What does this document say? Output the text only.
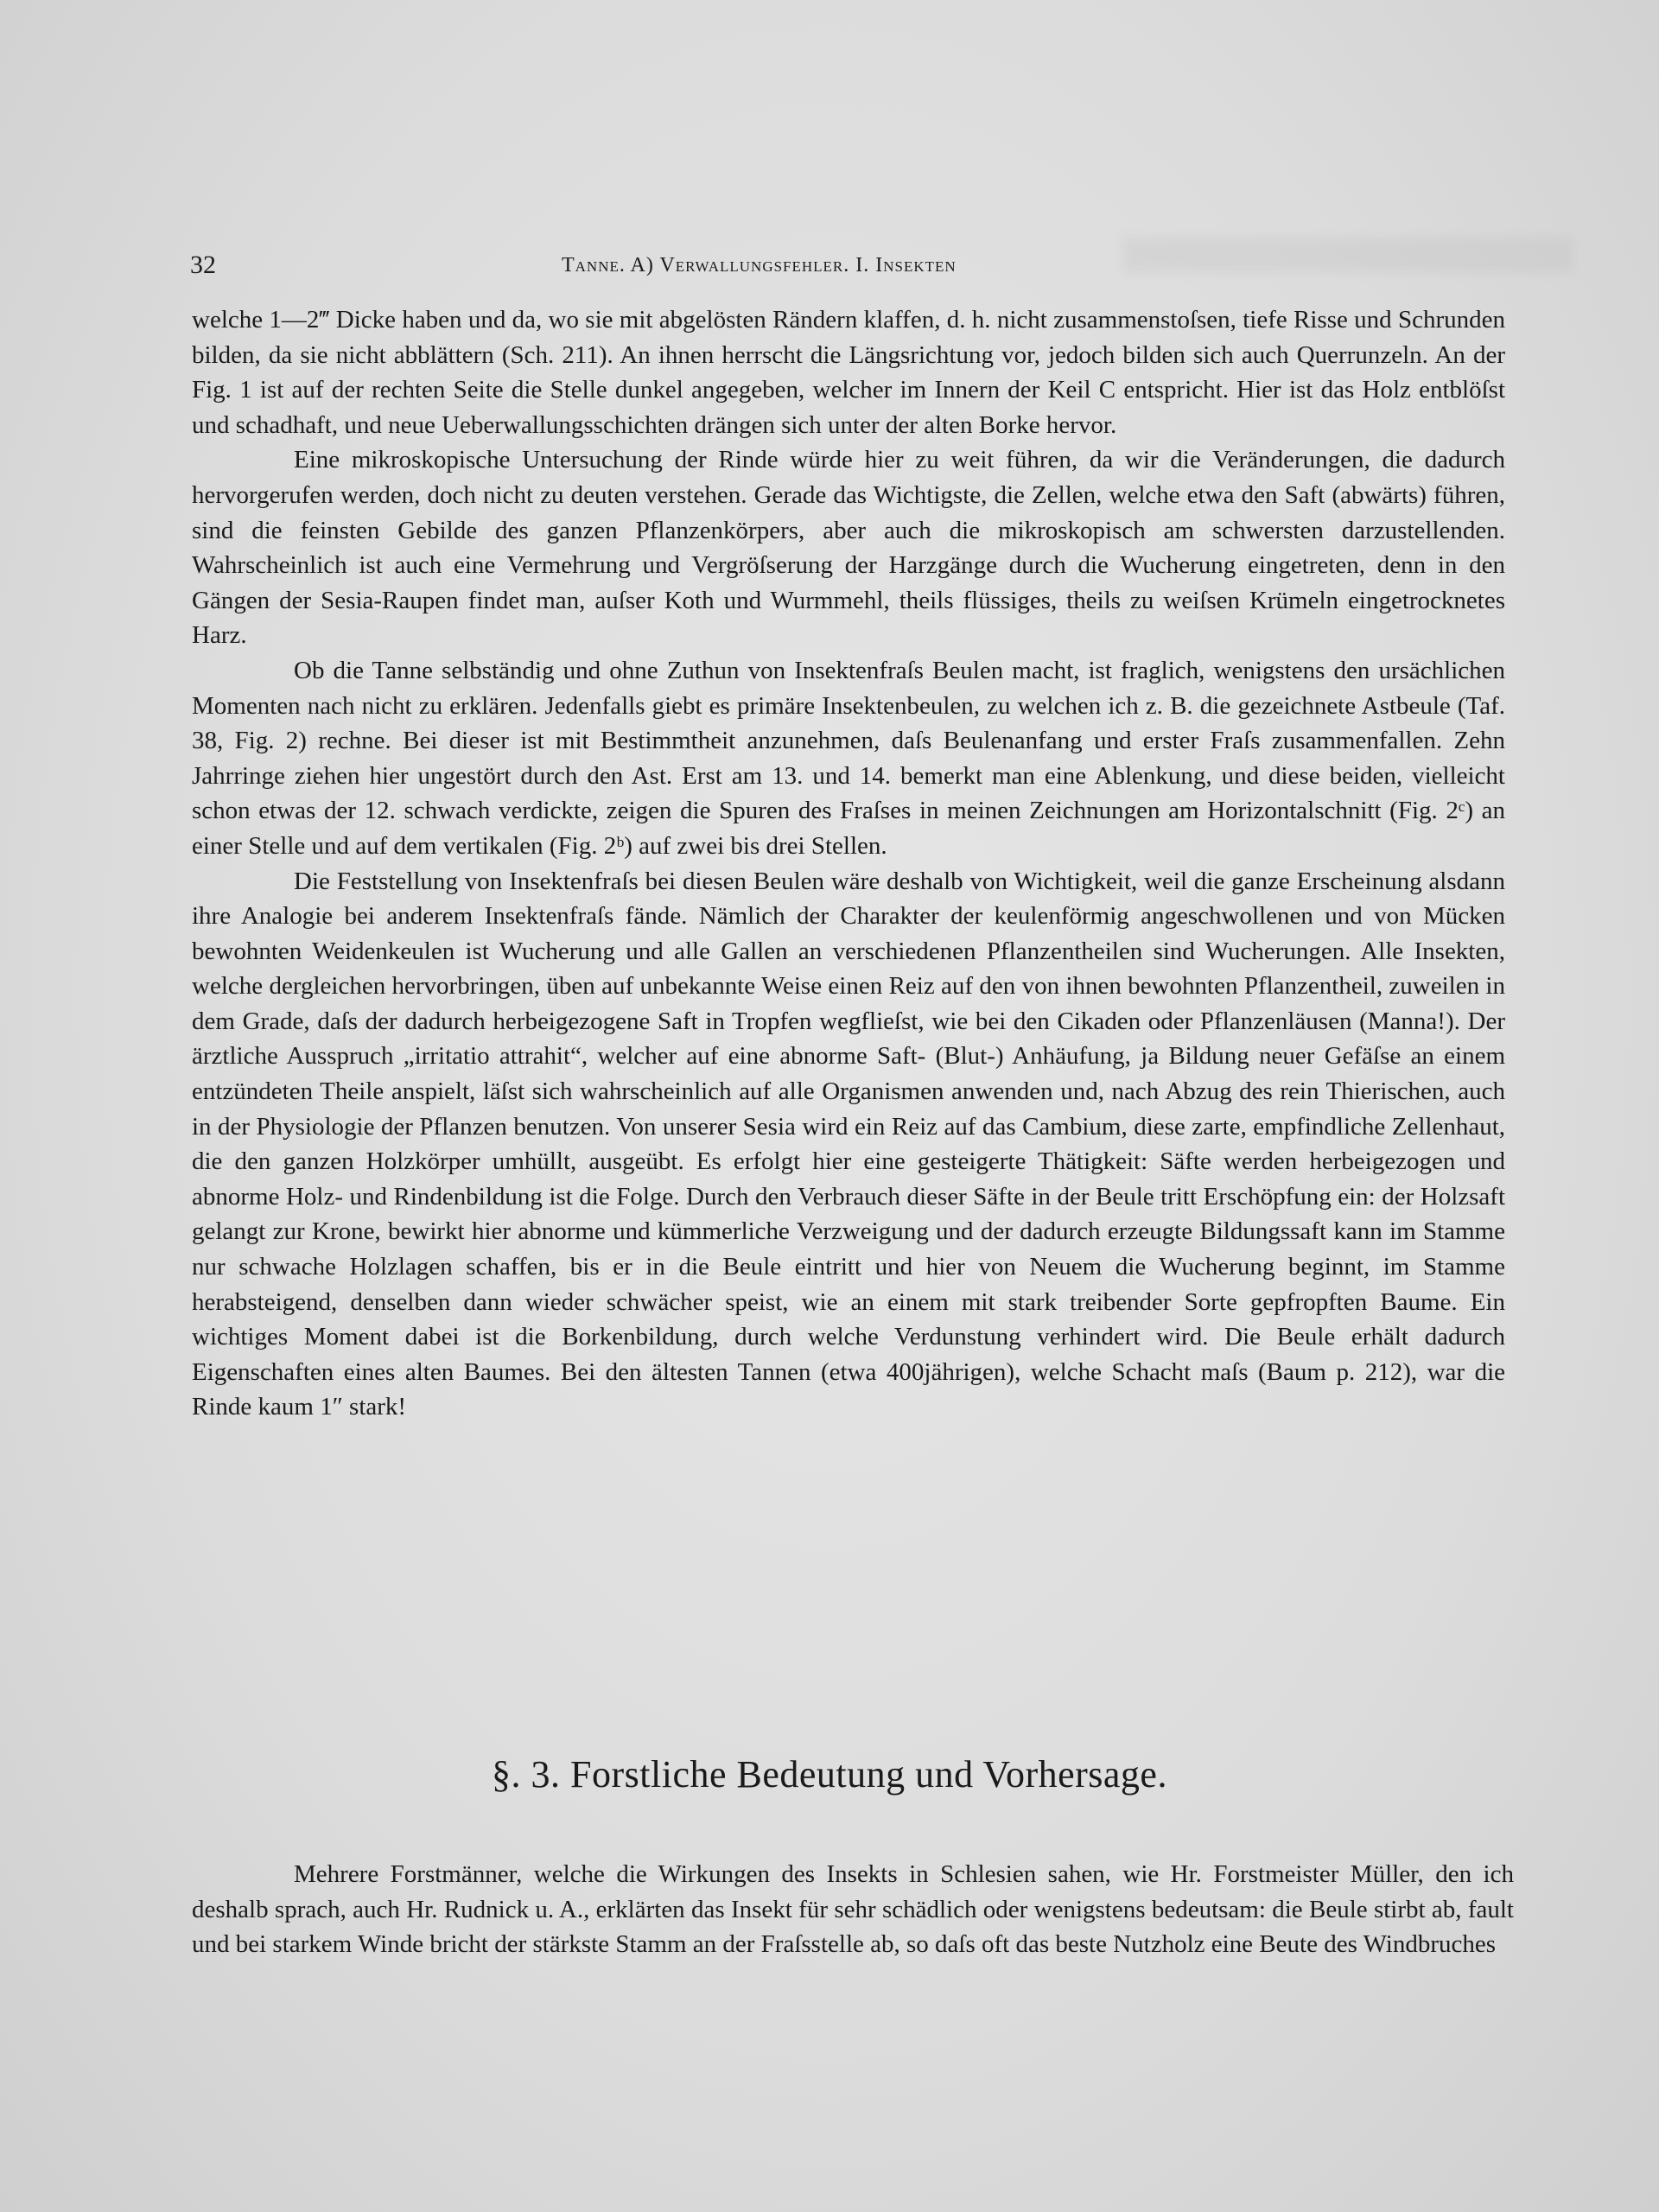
32	Tanne. A) Verwallungsfehler. I. Insekten

welche 1—2‴ Dicke haben und da, wo sie mit abgelösten Rändern klaffen, d. h. nicht zusammenstoſsen, tiefe Risse und Schrunden bilden, da sie nicht abblättern (Sch. 211). An ihnen herrscht die Längsrichtung vor, jedoch bilden sich auch Querrunzeln. An der Fig. 1 ist auf der rechten Seite die Stelle dunkel angegeben, welcher im Innern der Keil C entspricht. Hier ist das Holz entblöſst und schadhaft, und neue Ueberwallungsschichten drängen sich unter der alten Borke hervor.

Eine mikroskopische Untersuchung der Rinde würde hier zu weit führen, da wir die Veränderungen, die dadurch hervorgerufen werden, doch nicht zu deuten verstehen. Gerade das Wichtigste, die Zellen, welche etwa den Saft (abwärts) führen, sind die feinsten Gebilde des ganzen Pflanzenkörpers, aber auch die mikroskopisch am schwersten darzustellenden. Wahrscheinlich ist auch eine Vermehrung und Vergröſserung der Harzgänge durch die Wucherung eingetreten, denn in den Gängen der Sesia-Raupen findet man, auſser Koth und Wurmmehl, theils flüssiges, theils zu weiſsen Krümeln eingetrocknetes Harz.

Ob die Tanne selbständig und ohne Zuthun von Insektenfraſs Beulen macht, ist fraglich, wenigstens den ursächlichen Momenten nach nicht zu erklären. Jedenfalls giebt es primäre Insektenbeulen, zu welchen ich z. B. die gezeichnete Astbeule (Taf. 38, Fig. 2) rechne. Bei dieser ist mit Bestimmtheit anzunehmen, daſs Beulenanfang und erster Fraſs zusammenfallen. Zehn Jahrringe ziehen hier ungestört durch den Ast. Erst am 13. und 14. bemerkt man eine Ablenkung, und diese beiden, vielleicht schon etwas der 12. schwach verdickte, zeigen die Spuren des Fraſses in meinen Zeichnungen am Horizontalschnitt (Fig. 2ᶜ) an einer Stelle und auf dem vertikalen (Fig. 2ᵇ) auf zwei bis drei Stellen.

Die Feststellung von Insektenfraſs bei diesen Beulen wäre deshalb von Wichtigkeit, weil die ganze Erscheinung alsdann ihre Analogie bei anderem Insektenfraſs fände. Nämlich der Charakter der keulenförmig angeschwollenen und von Mücken bewohnten Weidenkeulen ist Wucherung und alle Gallen an verschiedenen Pflanzentheilen sind Wucherungen. Alle Insekten, welche dergleichen hervorbringen, üben auf unbekannte Weise einen Reiz auf den von ihnen bewohnten Pflanzentheil, zuweilen in dem Grade, daſs der dadurch herbeigezogene Saft in Tropfen wegflieſst, wie bei den Cikaden oder Pflanzenläusen (Manna!). Der ärztliche Ausspruch „irritatio attrahit“, welcher auf eine abnorme Saft- (Blut-) Anhäufung, ja Bildung neuer Gefäſse an einem entzündeten Theile anspielt, läſst sich wahrscheinlich auf alle Organismen anwenden und, nach Abzug des rein Thierischen, auch in der Physiologie der Pflanzen benutzen. Von unserer Sesia wird ein Reiz auf das Cambium, diese zarte, empfindliche Zellenhaut, die den ganzen Holzkörper umhüllt, ausgeübt. Es erfolgt hier eine gesteigerte Thätigkeit: Säfte werden herbeigezogen und abnorme Holz- und Rindenbildung ist die Folge. Durch den Verbrauch dieser Säfte in der Beule tritt Erschöpfung ein: der Holzsaft gelangt zur Krone, bewirkt hier abnorme und kümmerliche Verzweigung und der dadurch erzeugte Bildungssaft kann im Stamme nur schwache Holzlagen schaffen, bis er in die Beule eintritt und hier von Neuem die Wucherung beginnt, im Stamme herabsteigend, denselben dann wieder schwächer speist, wie an einem mit stark treibender Sorte gepfropften Baume. Ein wichtiges Moment dabei ist die Borkenbildung, durch welche Verdunstung verhindert wird. Die Beule erhält dadurch Eigenschaften eines alten Baumes. Bei den ältesten Tannen (etwa 400jährigen), welche Schacht maſs (Baum p. 212), war die Rinde kaum 1″ stark!

§. 3. Forstliche Bedeutung und Vorhersage.

Mehrere Forstmänner, welche die Wirkungen des Insekts in Schlesien sahen, wie Hr. Forstmeister Müller, den ich deshalb sprach, auch Hr. Rudnick u. A., erklärten das Insekt für sehr schädlich oder wenigstens bedeutsam: die Beule stirbt ab, fault und bei starkem Winde bricht der stärkste Stamm an der Fraſsstelle ab, so daſs oft das beste Nutzholz eine Beute des Windbruches
